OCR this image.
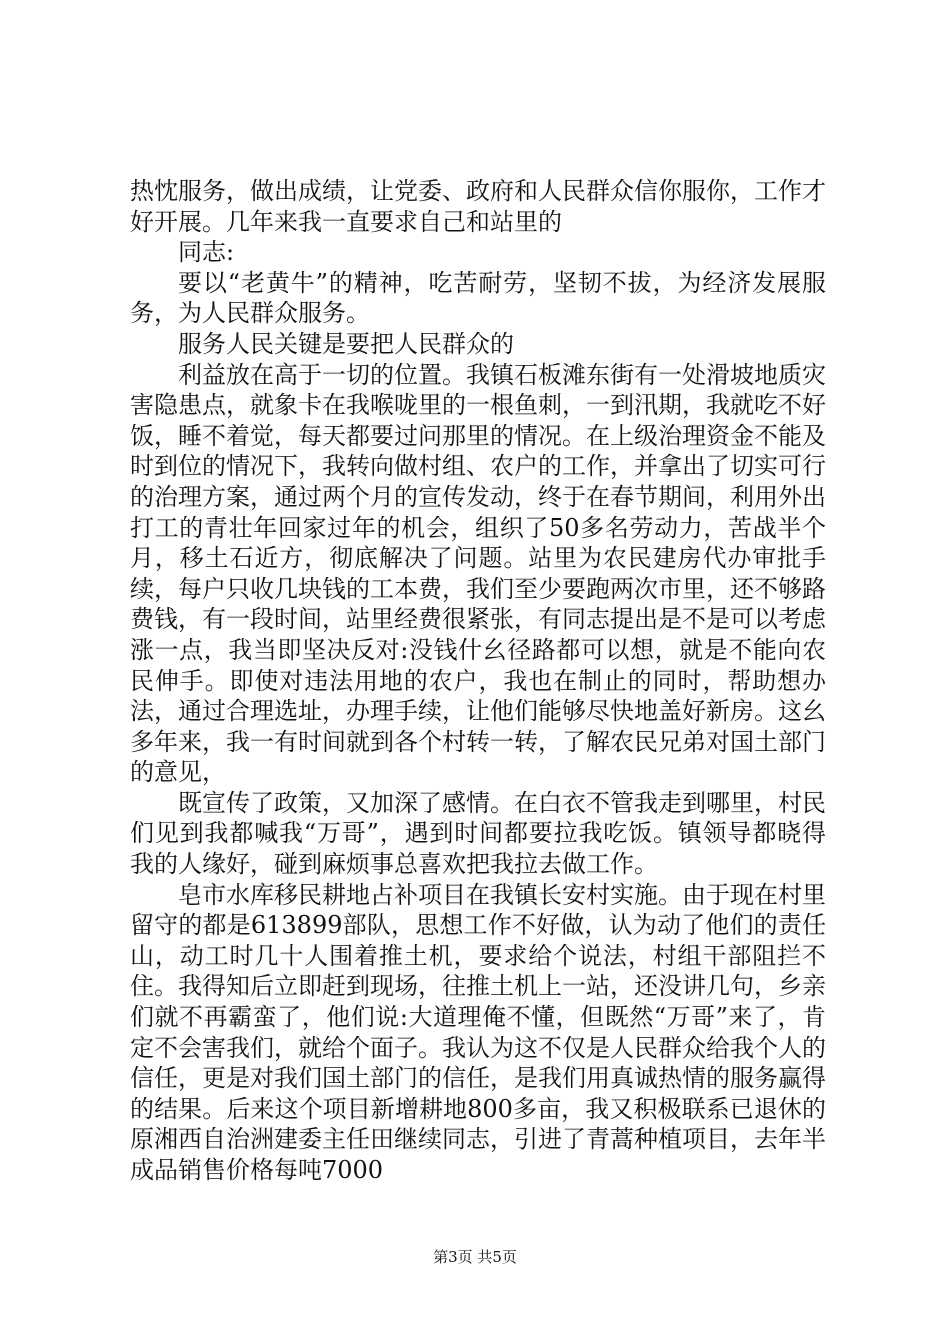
热忱服务，做出成绩，让党委、政府和人民群众信你服你，工作才好开展。几年来我一直要求自己和站里的

同志:

要以“老黄牛”的精神，吃苦耐劳，坚韧不拔，为经济发展服务，为人民群众服务。

服务人民关键是要把人民群众的

利益放在高于一切的位置。我镇石板滩东街有一处滑坡地质灾害隐患点，就象卡在我喉咙里的一根鱼刺，一到汛期，我就吃不好饭，睡不着觉，每天都要过问那里的情况。在上级治理资金不能及时到位的情况下，我转向做村组、农户的工作，并拿出了切实可行的治理方案，通过两个月的宣传发动，终于在春节期间，利用外出打工的青壮年回家过年的机会，组织了50多名劳动力，苦战半个月，移土石近方，彻底解决了问题。站里为农民建房代办审批手续，每户只收几块钱的工本费，我们至少要跑两次市里，还不够路费钱，有一段时间，站里经费很紧张，有同志提出是不是可以考虑涨一点，我当即坚决反对:没钱什幺径路都可以想，就是不能向农民伸手。即使对违法用地的农户，我也在制止的同时，帮助想办法，通过合理选址，办理手续，让他们能够尽快地盖好新房。这幺多年来，我一有时间就到各个村转一转，了解农民兄弟对国土部门的意见，

既宣传了政策，又加深了感情。在白衣不管我走到哪里，村民们见到我都喊我“万哥”，遇到时间都要拉我吃饭。镇领导都晓得我的人缘好，碰到麻烦事总喜欢把我拉去做工作。

皂市水库移民耕地占补项目在我镇长安村实施。由于现在村里留守的都是613899部队，思想工作不好做，认为动了他们的责任山，动工时几十人围着推土机，要求给个说法，村组干部阻拦不住。我得知后立即赶到现场，往推土机上一站，还没讲几句，乡亲们就不再霸蛮了，他们说:大道理俺不懂，但既然“万哥”来了，肯定不会害我们，就给个面子。我认为这不仅是人民群众给我个人的信任，更是对我们国土部门的信任，是我们用真诚热情的服务赢得的结果。后来这个项目新增耕地800多亩，我又积极联系已退休的原湘西自治洲建委主任田继续同志，引进了青蒿种植项目，去年半成品销售价格每吨7000

第3页 共5页
